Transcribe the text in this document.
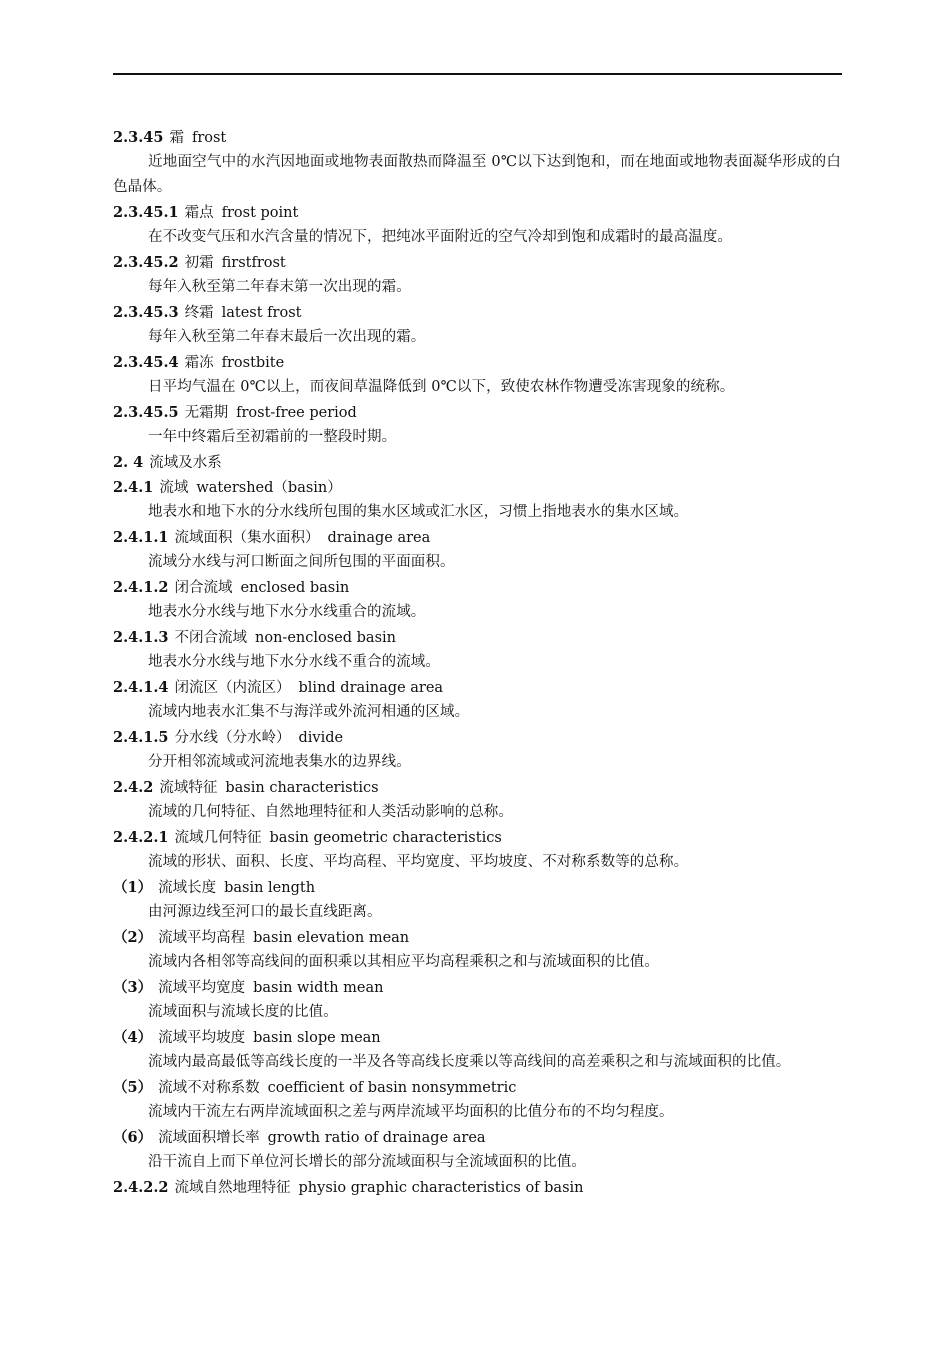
2.3.45 霜 frost
近地面空气中的水汽因地面或地物表面散热而降温至 0℃以下达到饱和，而在地面或地物表面凝华形成的白色晶体。
2.3.45.1 霜点 frost point
在不改变气压和水汽含量的情况下，把纯冰平面附近的空气冷却到饱和成霜时的最高温度。
2.3.45.2 初霜 firstfrost
每年入秋至第二年春末第一次出现的霜。
2.3.45.3 终霜 latest frost
每年入秋至第二年春末最后一次出现的霜。
2.3.45.4 霜冻 frostbite
日平均气温在 0℃以上，而夜间草温降低到 0℃以下，致使农林作物遭受冻害现象的统称。
2.3.45.5 无霜期 frost-free period
一年中终霜后至初霜前的一整段时期。
2. 4 流域及水系
2.4.1 流域 watershed（basin）
地表水和地下水的分水线所包围的集水区域或汇水区，习惯上指地表水的集水区域。
2.4.1.1 流域面积（集水面积） drainage area
流域分水线与河口断面之间所包围的平面面积。
2.4.1.2 闭合流域 enclosed basin
地表水分水线与地下水分水线重合的流域。
2.4.1.3 不闭合流域 non-enclosed basin
地表水分水线与地下水分水线不重合的流域。
2.4.1.4 闭流区（内流区） blind drainage area
流域内地表水汇集不与海洋或外流河相通的区域。
2.4.1.5 分水线（分水岭） divide
分开相邻流域或河流地表集水的边界线。
2.4.2 流域特征 basin characteristics
流域的几何特征、自然地理特征和人类活动影响的总称。
2.4.2.1 流域几何特征 basin geometric characteristics
流域的形状、面积、长度、平均高程、平均宽度、平均坡度、不对称系数等的总称。
（1） 流域长度 basin length
由河源边线至河口的最长直线距离。
（2） 流域平均高程 basin elevation mean
流域内各相邻等高线间的面积乘以其相应平均高程乘积之和与流域面积的比值。
（3） 流域平均宽度 basin width mean
流域面积与流域长度的比值。
（4） 流域平均坡度 basin slope mean
流域内最高最低等高线长度的一半及各等高线长度乘以等高线间的高差乘积之和与流域面积的比值。
（5） 流域不对称系数 coefficient of basin nonsymmetric
流域内干流左右两岸流域面积之差与两岸流域平均面积的比值分布的不均匀程度。
（6） 流域面积增长率 growth ratio of drainage area
沿干流自上而下单位河长增长的部分流域面积与全流域面积的比值。
2.4.2.2 流域自然地理特征 physio graphic characteristics of basin
